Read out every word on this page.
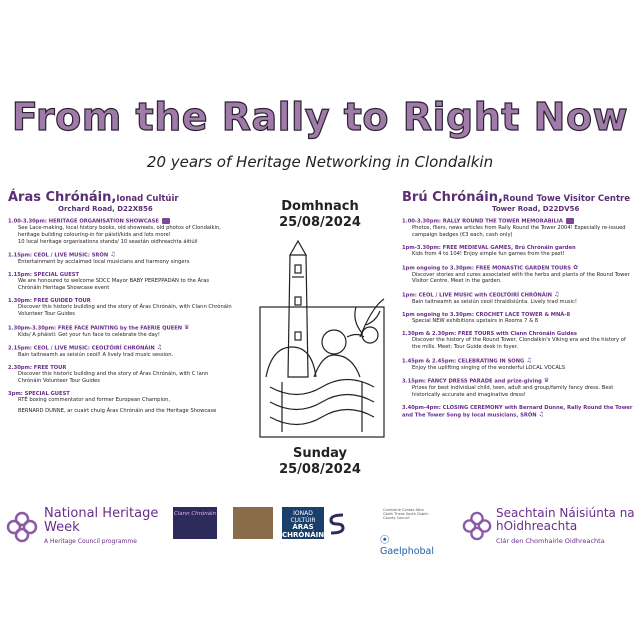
From the Rally to Right Now
20 years of Heritage Networking in Clondalkin
Áras Chrónáin,Ionad Cultúir
Orchard Road, D22X856
1.00-3.30pm: HERITAGE ORGANISATION SHOWCASE
See Lace-making, local history books, old showreels, old photos of Clondalkin, heritage building colouring-in for páistí/kids and lots more!
10 local heritage organisations stands/ 10 seastán oidhreachta áitiúil
1.15pm: CEOL / LIVE MUSIC: SRÓN ♫
Entertainment by acclaimed local musicians and harmony singers
1.15pm: SPECIAL GUEST
We are honoured to welcome SDCC Mayor BABY PEREPPADAN to the Áras Chrónáin Heritage Showcase event
1.30pm: FREE GUIDED TOUR
Discover this historic building and the story of Áras Chrónáin, with Clann Chrónáin Volunteer Tour Guides
1.30pm-3.30pm: FREE FACE PAINTING by the FAERIE QUEEN ♛
Kids/ A pháistí: Get your fun face to celebrate the day!
2.15pm: CEOL / LIVE MUSIC: CEOLTÓIRÍ CHRÓNÁIN ♫
Bain taitneamh as seisiún ceoil! A lively trad music session.
2.30pm: FREE TOUR
Discover this historic building and the story of Áras Chrónáin, with C lann Chrónáin Volunteer Tour Guides
3pm: SPECIAL GUEST
RTÉ boxing commentator and former European Champion,
BERNARD DUNNE, ar cuairt chuig Áras Chrónáin and the Heritage Showcase
Domhnach
25/08/2024
Sunday
25/08/2024
Brú Chrónáin,Round Towe Visitor Centre
Tower Road, D22DV56
1.00-3.30pm: RALLY ROUND THE TOWER MEMORABILIA
Photos, fliers, news articles from Rally Round the Tower 2004! Especially re-issued campaign badges (€3 each, cash only)
1pm-3.30pm: FREE MEDIEVAL GAMES, Brú Chrónáin garden
Kids from 4 to 104! Enjoy simple fun games from the past!
1pm ongoing to 3.30pm: FREE MONASTIC GARDEN TOURS ✿
Discover stories and cures associated with the herbs and plants of the Round Tower Visitor Centre. Meet in the garden.
1pm: CEOL / LIVE MUSIC with CEOLTÓIRÍ CHRÓNÁIN ♫
Bain taitneamh as seisiún ceoil thraidisiúnta. Lively trad music!
1pm ongoing to 3.30pm: CROCHET LACE TOWER & MNÁ-8
Special NEW exhibitions upstairs in Rooms 7 & 8
1.30pm & 2.30pm: FREE TOURS with Clann Chrónáin Guides
Discover the history of the Round Tower, Clondalkin's Viking era and the history of the mills. Meet: Tour Guide desk in foyer.
1.45pm & 2.45pm: CELEBRATING IN SONG ♫
Enjoy the uplifting singing of the wonderful LOCAL VOCALS
3.15pm: FANCY DRESS PARADE and prize-giving ♛
Prizes for best individual child, teen, adult and group/family fancy dress. Best historically accurate and imaginative dress!
3.40pm-4pm: CLOSING CEREMONY with Bernard Dunne, Rally Round the Tower and The Tower Song by local musicians, SRÓN ♫
National Heritage Week
A Heritage Council programme
Clann Chrónáin	IONAD CULTÚIR
ÁRAS CHRÓNÁIN
Comhairle Contae Átha Cliath Theas South Dublin County Council
⦿ Gaelphobal
Seachtain Náisiúnta na hOidhreachta
Clár den Chomhairle Oidhreachta
